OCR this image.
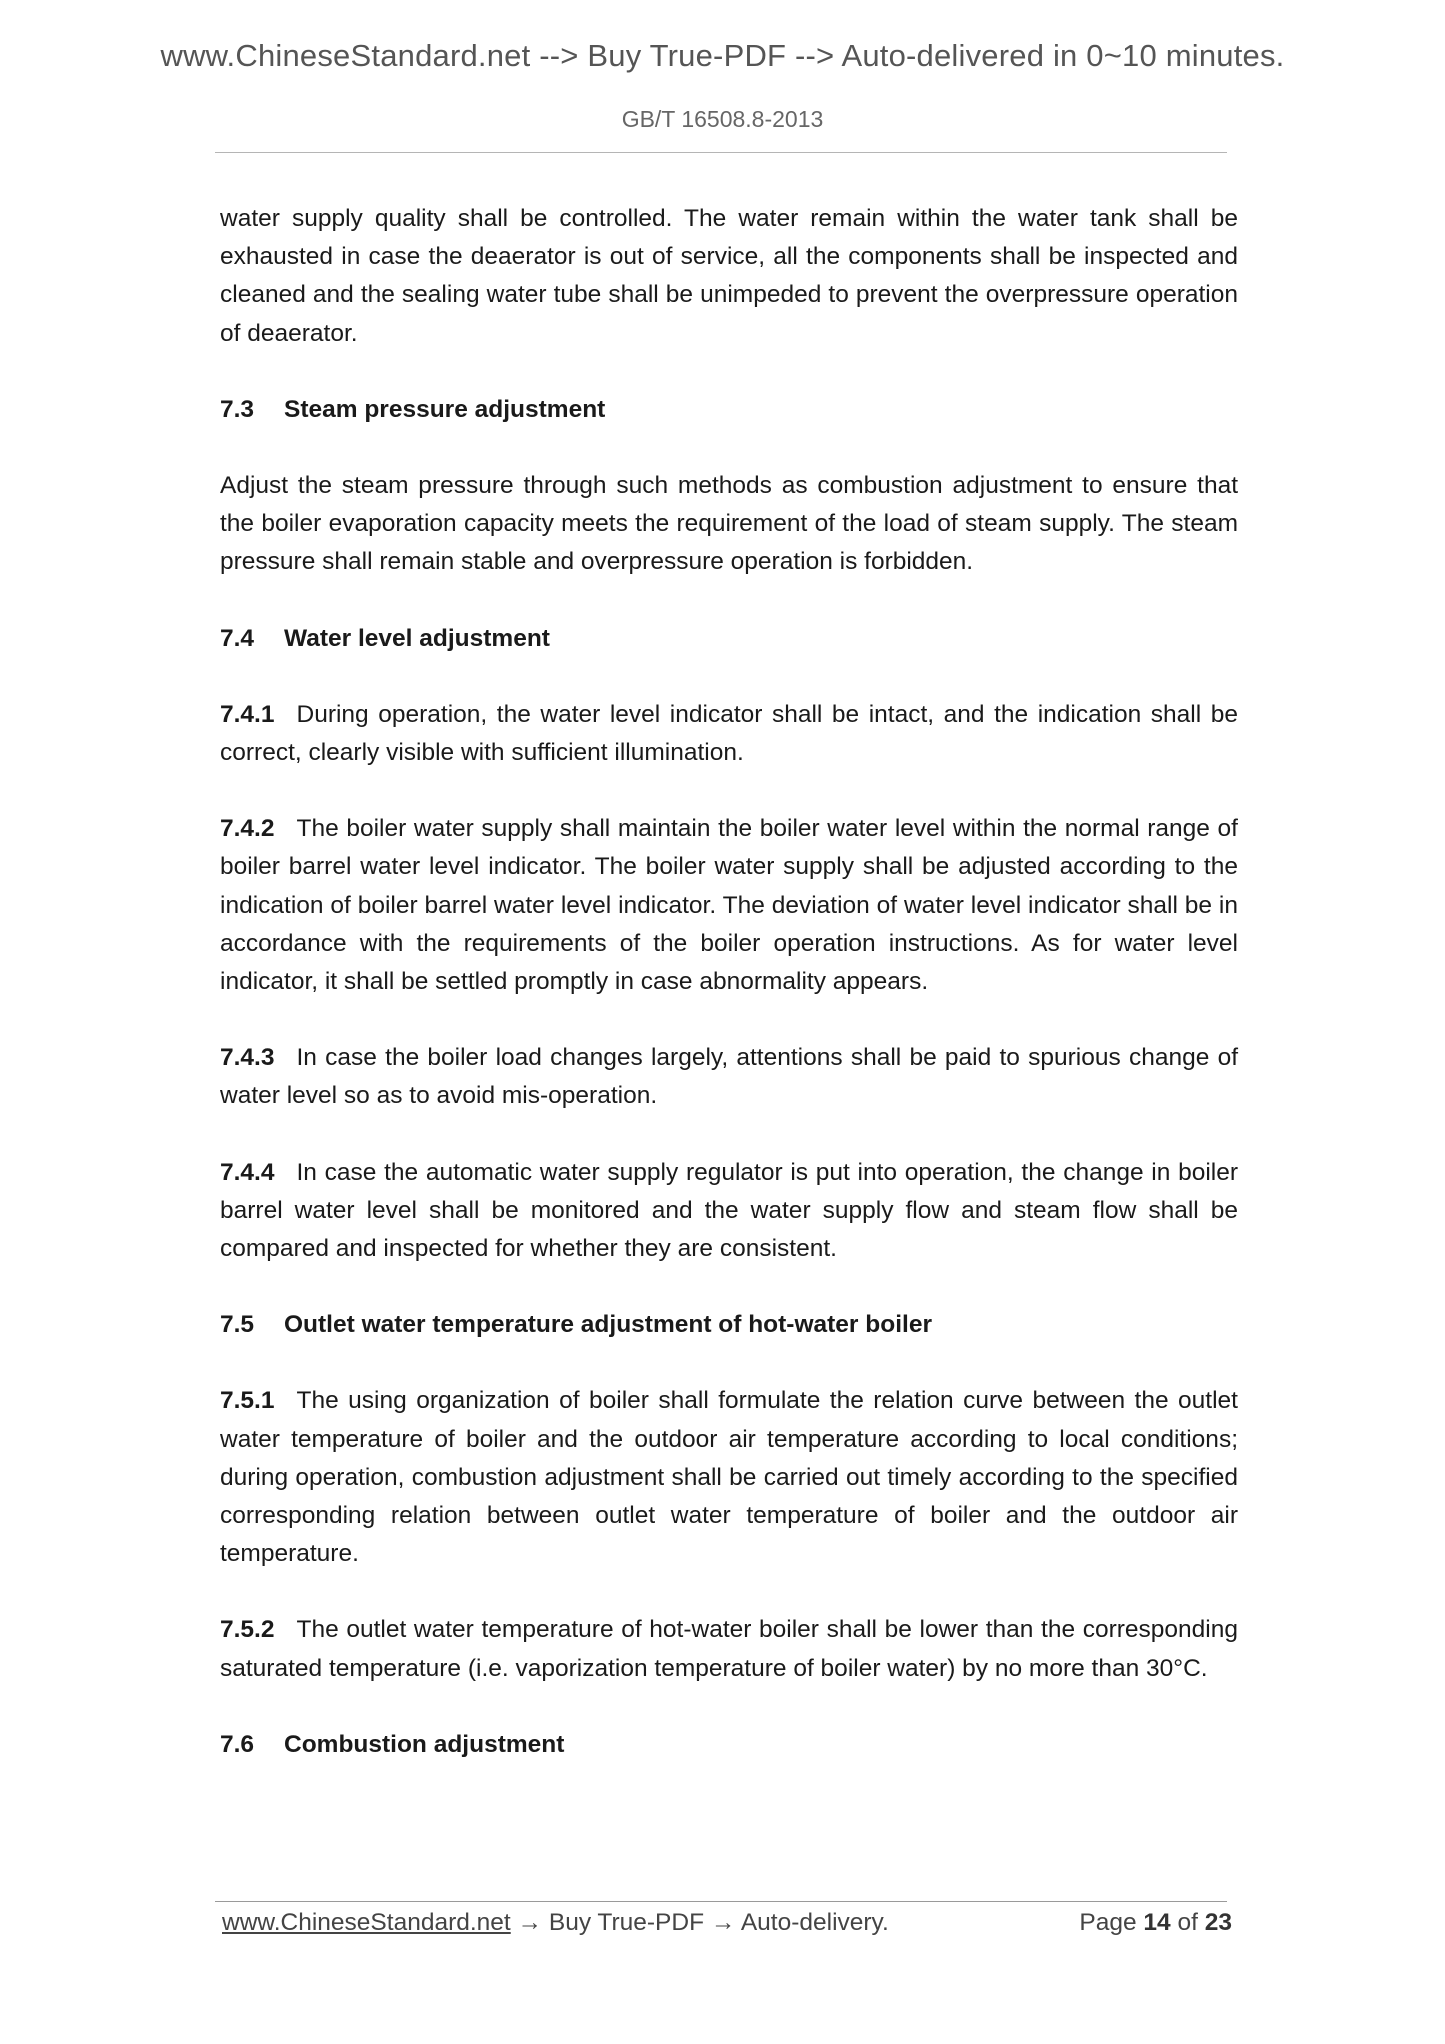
www.ChineseStandard.net --> Buy True-PDF --> Auto-delivered in 0~10 minutes.
GB/T 16508.8-2013

water supply quality shall be controlled. The water remain within the water tank shall be exhausted in case the deaerator is out of service, all the components shall be inspected and cleaned and the sealing water tube shall be unimpeded to prevent the overpressure operation of deaerator.

7.3 Steam pressure adjustment

Adjust the steam pressure through such methods as combustion adjustment to ensure that the boiler evaporation capacity meets the requirement of the load of steam supply. The steam pressure shall remain stable and overpressure operation is forbidden.

7.4 Water level adjustment

7.4.1 During operation, the water level indicator shall be intact, and the indication shall be correct, clearly visible with sufficient illumination.

7.4.2 The boiler water supply shall maintain the boiler water level within the normal range of boiler barrel water level indicator. The boiler water supply shall be adjusted according to the indication of boiler barrel water level indicator. The deviation of water level indicator shall be in accordance with the requirements of the boiler operation instructions. As for water level indicator, it shall be settled promptly in case abnormality appears.

7.4.3 In case the boiler load changes largely, attentions shall be paid to spurious change of water level so as to avoid mis-operation.

7.4.4 In case the automatic water supply regulator is put into operation, the change in boiler barrel water level shall be monitored and the water supply flow and steam flow shall be compared and inspected for whether they are consistent.

7.5 Outlet water temperature adjustment of hot-water boiler

7.5.1 The using organization of boiler shall formulate the relation curve between the outlet water temperature of boiler and the outdoor air temperature according to local conditions; during operation, combustion adjustment shall be carried out timely according to the specified corresponding relation between outlet water temperature of boiler and the outdoor air temperature.

7.5.2 The outlet water temperature of hot-water boiler shall be lower than the corresponding saturated temperature (i.e. vaporization temperature of boiler water) by no more than 30°C.

7.6 Combustion adjustment
www.ChineseStandard.net → Buy True-PDF → Auto-delivery.	Page 14 of 23
